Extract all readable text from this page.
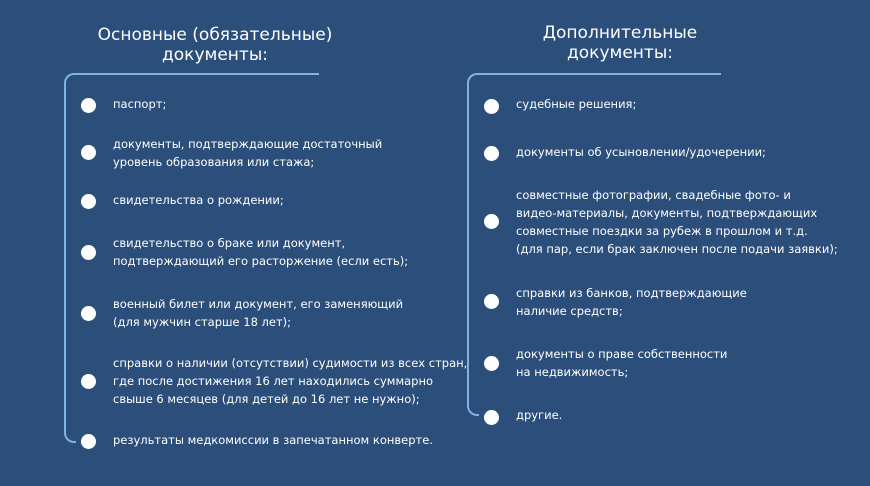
Основные (обязательные)
документы:
Дополнительные
документы:
паспорт;
документы, подтверждающие достаточный
уровень образования или стажа;
свидетельства о рождении;
свидетельство о браке или документ,
подтверждающий его расторжение (если есть);
военный билет или документ, его заменяющий
(для мужчин старше 18 лет);
справки о наличии (отсутствии) судимости из всех стран,
где после достижения 16 лет находились суммарно
свыше 6 месяцев (для детей до 16 лет не нужно);
результаты медкомиссии в запечатанном конверте.
судебные решения;
документы об усыновлении/удочерении;
совместные фотографии, свадебные фото- и
видео-материалы, документы, подтверждающих
совместные поездки за рубеж в прошлом и т.д.
(для пар, если брак заключен после подачи заявки);
справки из банков, подтверждающие
наличие средств;
документы о праве собственности
на недвижимость;
другие.
